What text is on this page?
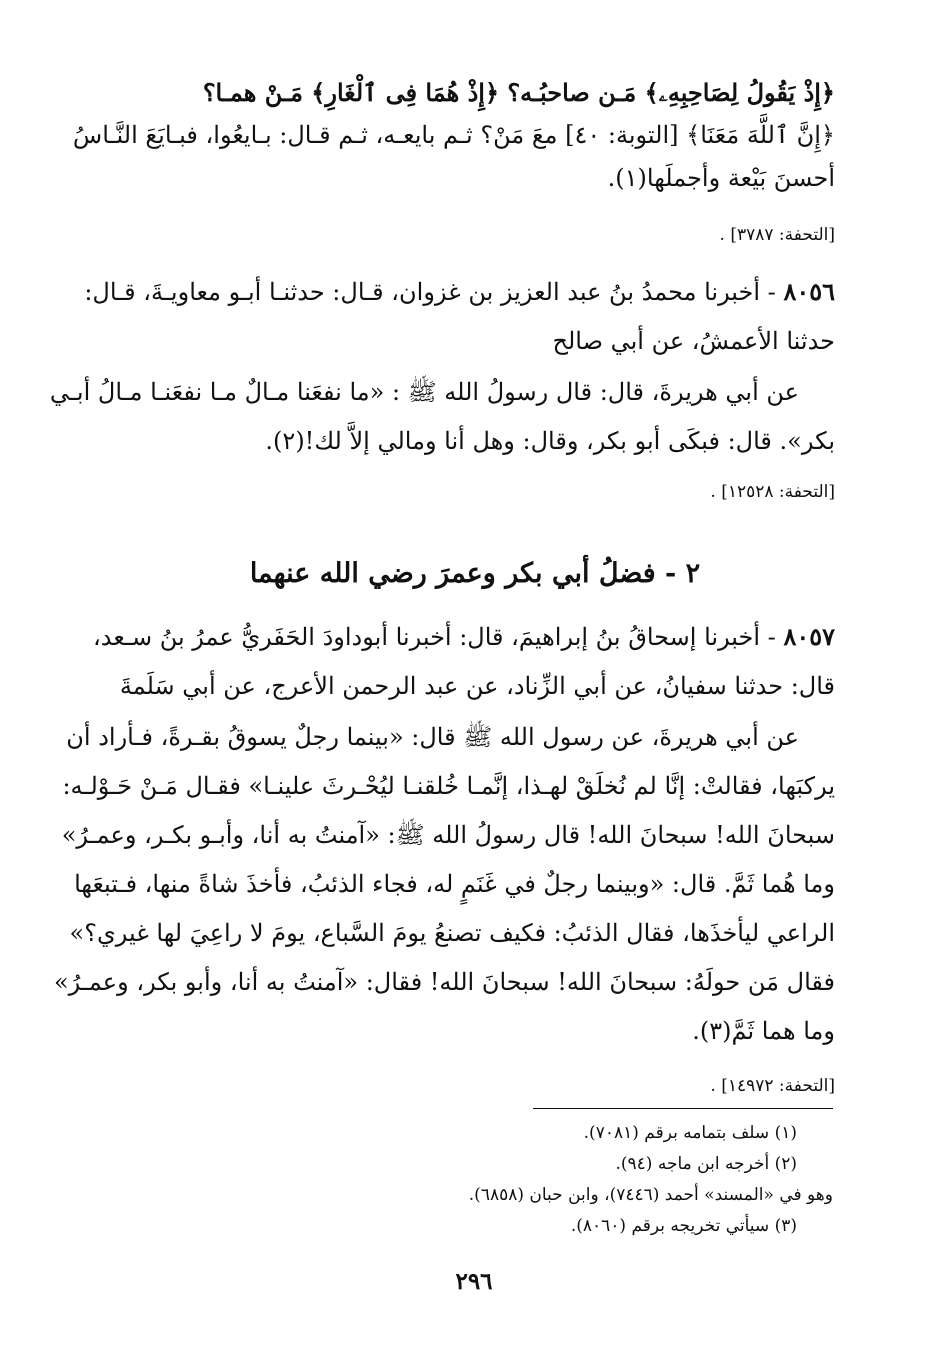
﴿إِذْ يَقُولُ لِصَاحِبِهِۦ﴾ مَـن صاحبُـه؟ ﴿إِذْ هُمَا فِى ٱلْغَارِ﴾ مَـنْ همـا؟

﴿إِنَّ ٱللَّهَ مَعَنَا﴾ [التوبة: ٤٠] معَ مَنْ؟ ثـم بايعـه، ثـم قـال: بـايعُوا، فبـايَعَ النَّـاسُ

أحسنَ بَيْعة وأجملَها(١).

[التحفة: ٣٧٨٧] .

٨٠٥٦ - أخبرنا محمدُ بنُ عبد العزيز بن غزوان، قـال: حدثنـا أبـو معاويـةَ، قـال:
حدثنا الأعمشُ، عن أبي صالح

عن أبي هريرةَ، قال: قال رسولُ الله ﷺ : «ما نفعَنا مـالٌ مـا نفعَنـا مـالُ أبـي
بكر». قال: فبكَى أبو بكر، وقال: وهل أنا ومالي إلاَّ لك!(٢).

[التحفة: ١٢٥٢٨] .

٢ - فضلُ أبي بكر وعمرَ رضي الله عنهما

٨٠٥٧ - أخبرنا إسحاقُ بنُ إبراهيمَ، قال: أخبرنا أبوداودَ الحَفَريُّ عمرُ بنُ سـعد،
قال: حدثنا سفيانُ، عن أبي الزِّناد، عن عبد الرحمن الأعرج، عن أبي سَلَمةَ

عن أبي هريرةَ، عن رسول الله ﷺ قال: «بينما رجلٌ يسوقُ بقـرةً، فـأراد أن
يركبَها، فقالتْ: إنَّا لم نُخلَقْ لهـذا، إنَّمـا خُلقنـا ليُحْـرثَ علينـا» فقـال مَـنْ حَـوْلـه:
سبحانَ الله! سبحانَ الله! قال رسولُ الله ﷺ: «آمنتُ به أنا، وأبـو بكـر، وعمـرُ»
وما هُما ثَمَّ. قال: «وبينما رجلٌ في غَنَمٍ له، فجاء الذئبُ، فأخذَ شاةً منها، فـتبعَها
الراعي ليأخذَها، فقال الذئبُ: فكيف تصنعُ يومَ السَّباع، يومَ لا راعِيَ لها غيري؟»
فقال مَن حولَهُ: سبحانَ الله! سبحانَ الله! فقال: «آمنتُ به أنا، وأبو بكر، وعمـرُ»
وما هما ثَمَّ(٣).

[التحفة: ١٤٩٧٢] .

(١) سلف بتمامه برقم (٧٠٨١).

(٢) أخرجه ابن ماجه (٩٤).

وهو في «المسند» أحمد (٧٤٤٦)، وابن حبان (٦٨٥٨).

(٣) سيأتي تخريجه برقم (٨٠٦٠).

٢٩٦
